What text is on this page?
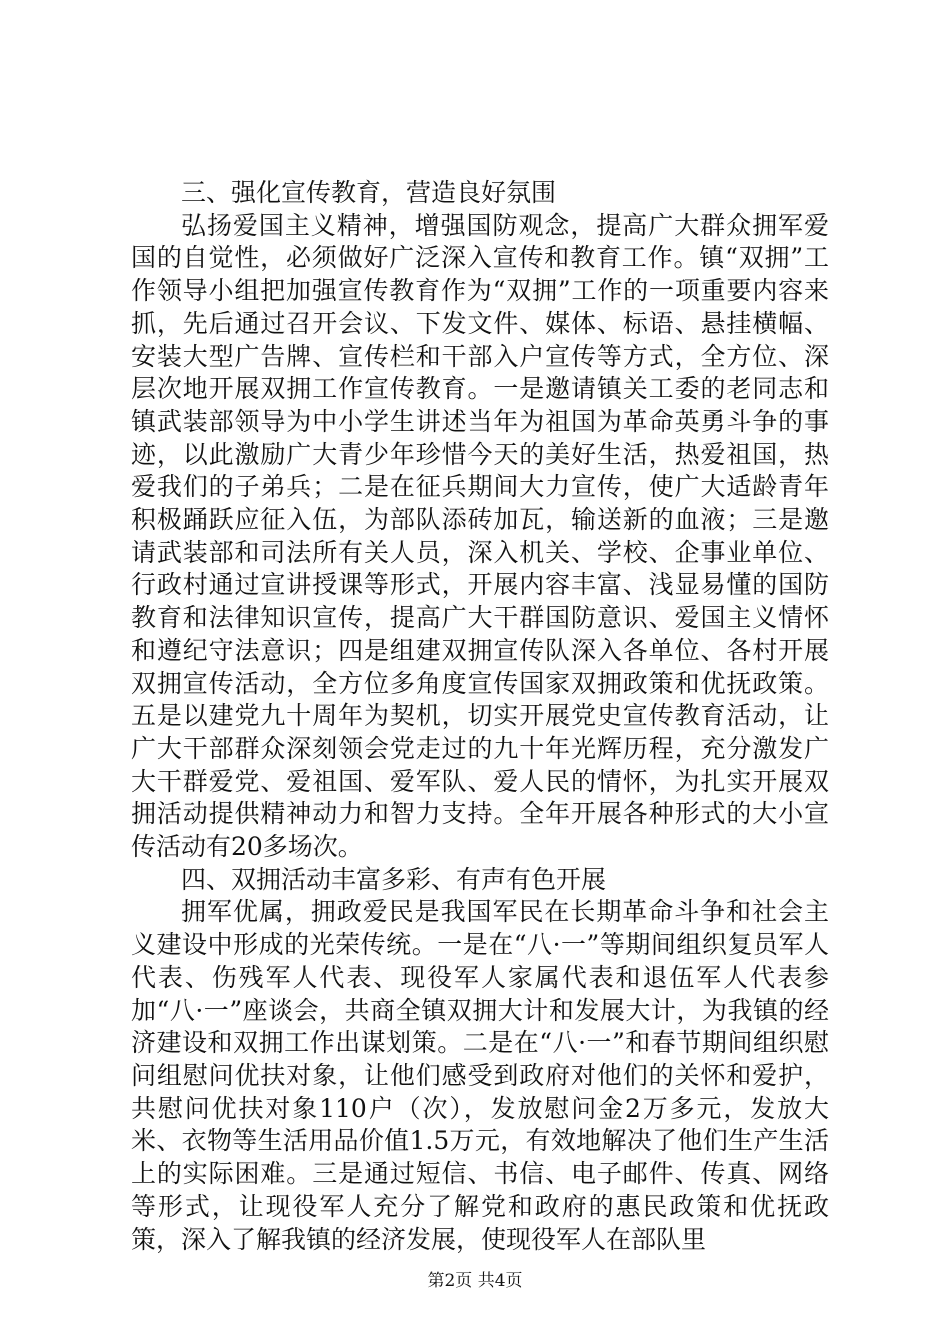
三、强化宣传教育，营造良好氛围

弘扬爱国主义精神，增强国防观念，提高广大群众拥军爱国的自觉性，必须做好广泛深入宣传和教育工作。镇“双拥”工作领导小组把加强宣传教育作为“双拥”工作的一项重要内容来抓，先后通过召开会议、下发文件、媒体、标语、悬挂横幅、安装大型广告牌、宣传栏和干部入户宣传等方式，全方位、深层次地开展双拥工作宣传教育。一是邀请镇关工委的老同志和镇武装部领导为中小学生讲述当年为祖国为革命英勇斗争的事迹，以此激励广大青少年珍惜今天的美好生活，热爱祖国，热爱我们的子弟兵；二是在征兵期间大力宣传，使广大适龄青年积极踊跃应征入伍，为部队添砖加瓦，输送新的血液；三是邀请武装部和司法所有关人员，深入机关、学校、企事业单位、行政村通过宣讲授课等形式，开展内容丰富、浅显易懂的国防教育和法律知识宣传，提高广大干群国防意识、爱国主义情怀和遵纪守法意识；四是组建双拥宣传队深入各单位、各村开展双拥宣传活动，全方位多角度宣传国家双拥政策和优抚政策。五是以建党九十周年为契机，切实开展党史宣传教育活动，让广大干部群众深刻领会党走过的九十年光辉历程，充分激发广大干群爱党、爱祖国、爱军队、爱人民的情怀，为扎实开展双拥活动提供精神动力和智力支持。全年开展各种形式的大小宣传活动有20多场次。

四、双拥活动丰富多彩、有声有色开展

拥军优属，拥政爱民是我国军民在长期革命斗争和社会主义建设中形成的光荣传统。一是在“八·一”等期间组织复员军人代表、伤残军人代表、现役军人家属代表和退伍军人代表参加“八·一”座谈会，共商全镇双拥大计和发展大计，为我镇的经济建设和双拥工作出谋划策。二是在“八·一”和春节期间组织慰问组慰问优扶对象，让他们感受到政府对他们的关怀和爱护，共慰问优扶对象110户（次），发放慰问金2万多元，发放大米、衣物等生活用品价值1.5万元，有效地解决了他们生产生活上的实际困难。三是通过短信、书信、电子邮件、传真、网络等形式，让现役军人充分了解党和政府的惠民政策和优抚政策，深入了解我镇的经济发展，使现役军人在部队里

第2页 共4页
